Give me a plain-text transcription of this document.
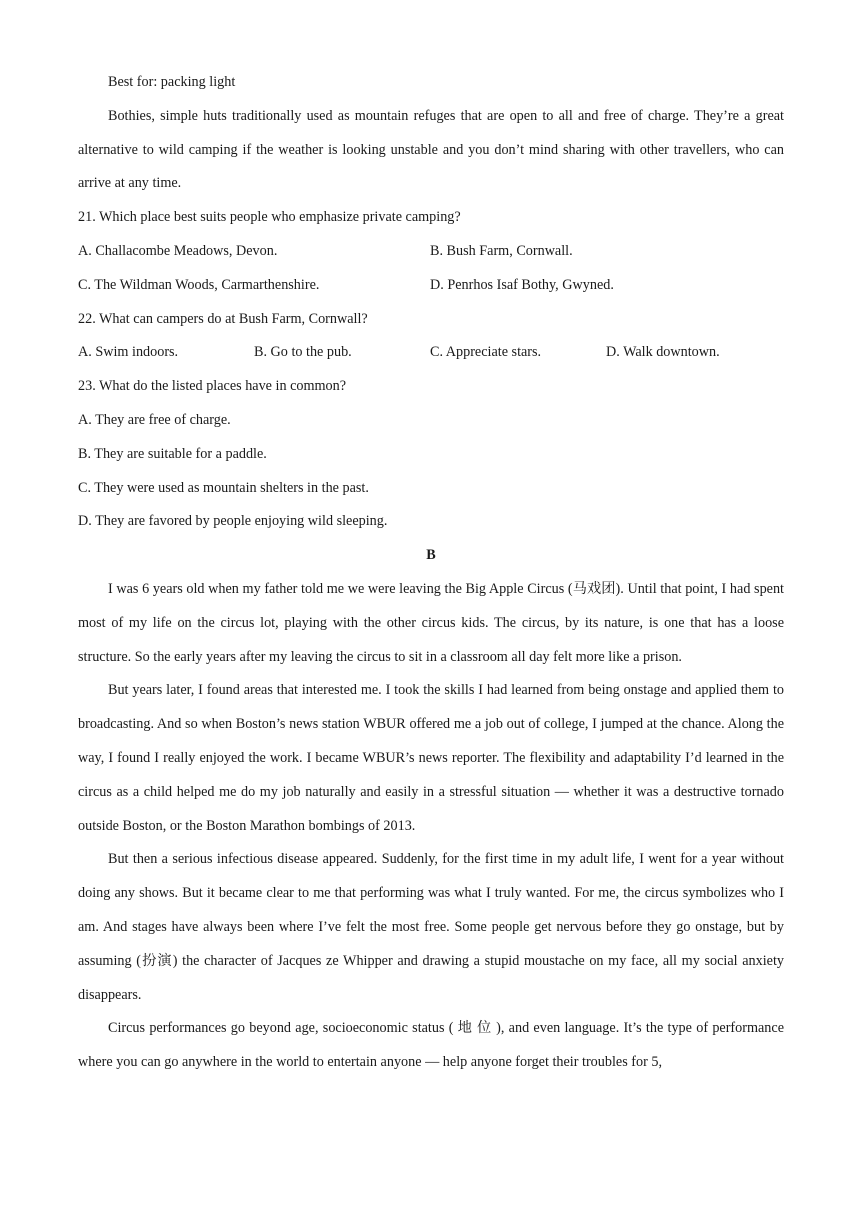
Best for: packing light

Bothies, simple huts traditionally used as mountain refuges that are open to all and free of charge. They’re a great alternative to wild camping if the weather is looking unstable and you don’t mind sharing with other travellers, who can arrive at any time.

21. Which place best suits people who emphasize private camping?

A. Challacombe Meadows, Devon.	B. Bush Farm, Cornwall.
C. The Wildman Woods, Carmarthenshire.	D. Penrhos Isaf Bothy, Gwyned.

22. What can campers do at Bush Farm, Cornwall?

A. Swim indoors.	B. Go to the pub.	C. Appreciate stars.	D. Walk downtown.

23. What do the listed places have in common?

A. They are free of charge.

B. They are suitable for a paddle.

C. They were used as mountain shelters in the past.

D. They are favored by people enjoying wild sleeping.

B

I was 6 years old when my father told me we were leaving the Big Apple Circus (马戏团). Until that point, I had spent most of my life on the circus lot, playing with the other circus kids. The circus, by its nature, is one that has a loose structure. So the early years after my leaving the circus to sit in a classroom all day felt more like a prison.

But years later, I found areas that interested me. I took the skills I had learned from being onstage and applied them to broadcasting. And so when Boston’s news station WBUR offered me a job out of college, I jumped at the chance. Along the way, I found I really enjoyed the work. I became WBUR’s news reporter. The flexibility and adaptability I’d learned in the circus as a child helped me do my job naturally and easily in a stressful situation — whether it was a destructive tornado outside Boston, or the Boston Marathon bombings of 2013.

But then a serious infectious disease appeared. Suddenly, for the first time in my adult life, I went for a year without doing any shows. But it became clear to me that performing was what I truly wanted. For me, the circus symbolizes who I am. And stages have always been where I’ve felt the most free. Some people get nervous before they go onstage, but by assuming (扮演) the character of Jacques ze Whipper and drawing a stupid moustache on my face, all my social anxiety disappears.

Circus performances go beyond age, socioeconomic status ( 地 位 ), and even language. It’s the type of performance where you can go anywhere in the world to entertain anyone — help anyone forget their troubles for 5,
